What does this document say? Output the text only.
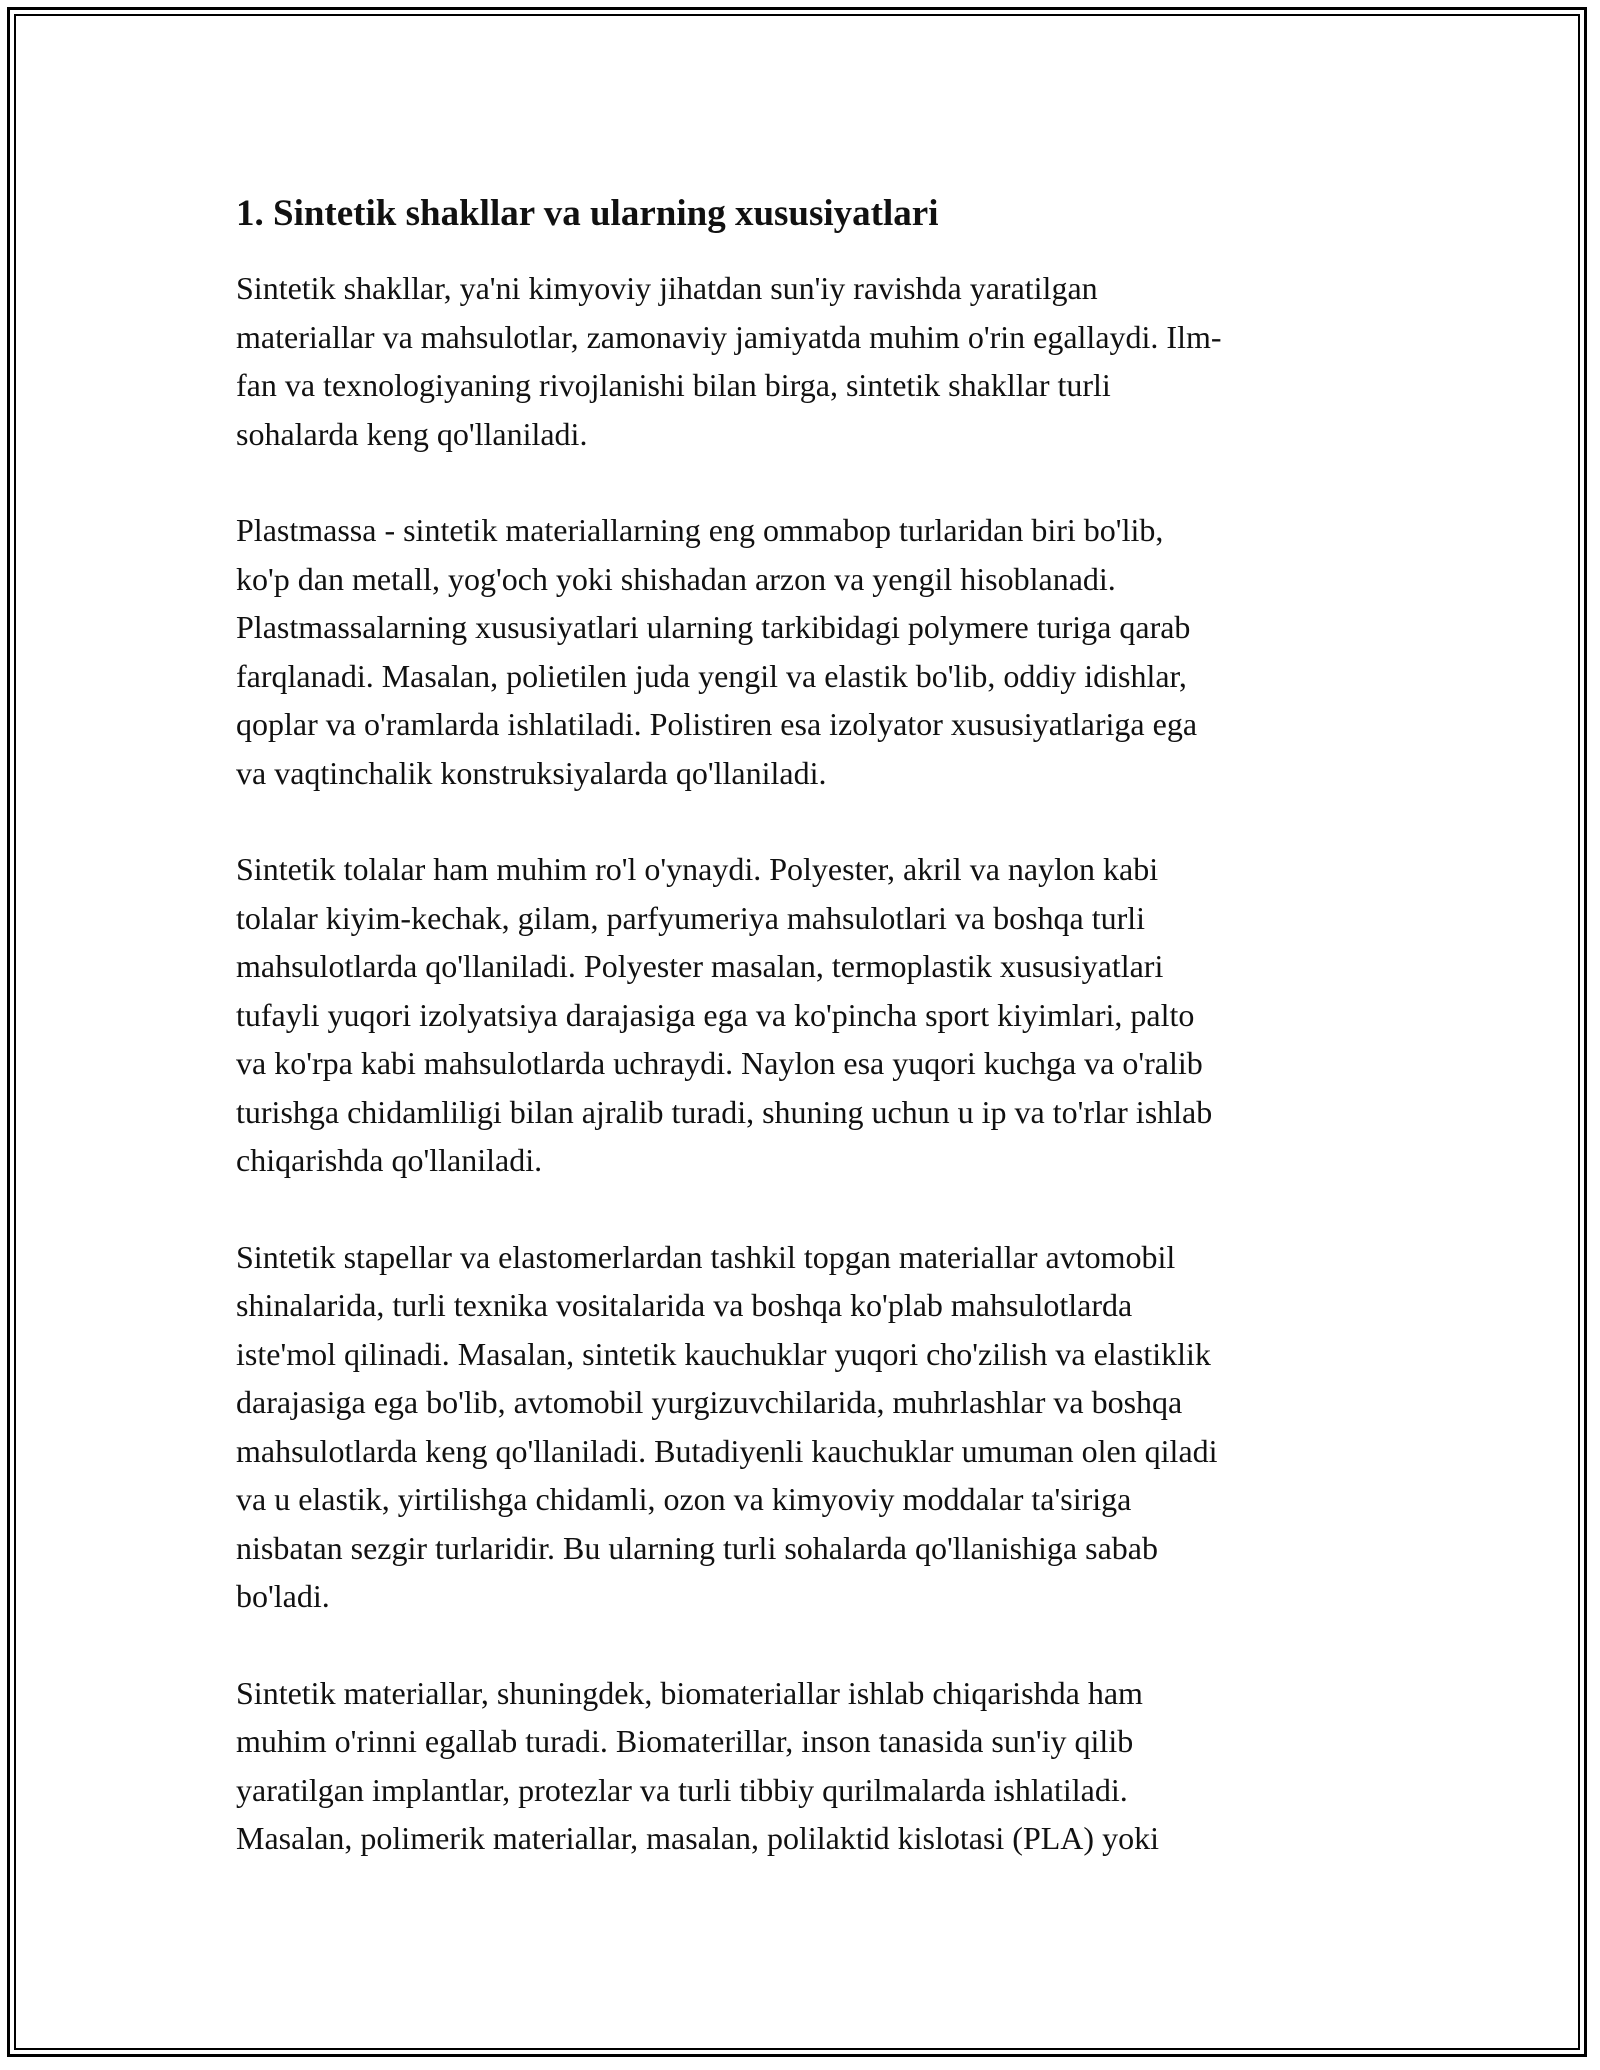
1. Sintetik shakllar va ularning xususiyatlari

Sintetik shakllar, ya'ni kimyoviy jihatdan sun'iy ravishda yaratilgan
materiallar va mahsulotlar, zamonaviy jamiyatda muhim o'rin egallaydi. Ilm-
fan va texnologiyaning rivojlanishi bilan birga, sintetik shakllar turli
sohalarda keng qo'llaniladi.

Plastmassa - sintetik materiallarning eng ommabop turlaridan biri bo'lib,
ko'p dan metall, yog'och yoki shishadan arzon va yengil hisoblanadi.
Plastmassalarning xususiyatlari ularning tarkibidagi polymere turiga qarab
farqlanadi. Masalan, polietilen juda yengil va elastik bo'lib, oddiy idishlar,
qoplar va o'ramlarda ishlatiladi. Polistiren esa izolyator xususiyatlariga ega
va vaqtinchalik konstruksiyalarda qo'llaniladi.

Sintetik tolalar ham muhim ro'l o'ynaydi. Polyester, akril va naylon kabi
tolalar kiyim-kechak, gilam, parfyumeriya mahsulotlari va boshqa turli
mahsulotlarda qo'llaniladi. Polyester masalan, termoplastik xususiyatlari
tufayli yuqori izolyatsiya darajasiga ega va ko'pincha sport kiyimlari, palto
va ko'rpa kabi mahsulotlarda uchraydi. Naylon esa yuqori kuchga va o'ralib
turishga chidamliligi bilan ajralib turadi, shuning uchun u ip va to'rlar ishlab
chiqarishda qo'llaniladi.

Sintetik stapellar va elastomerlardan tashkil topgan materiallar avtomobil
shinalarida, turli texnika vositalarida va boshqa ko'plab mahsulotlarda
iste'mol qilinadi. Masalan, sintetik kauchuklar yuqori cho'zilish va elastiklik
darajasiga ega bo'lib, avtomobil yurgizuvchilarida, muhrlashlar va boshqa
mahsulotlarda keng qo'llaniladi. Butadiyenli kauchuklar umuman olen qiladi
va u elastik, yirtilishga chidamli, ozon va kimyoviy moddalar ta'siriga
nisbatan sezgir turlaridir. Bu ularning turli sohalarda qo'llanishiga sabab
bo'ladi.

Sintetik materiallar, shuningdek, biomateriallar ishlab chiqarishda ham
muhim o'rinni egallab turadi. Biomaterillar, inson tanasida sun'iy qilib
yaratilgan implantlar, protezlar va turli tibbiy qurilmalarda ishlatiladi.
Masalan, polimerik materiallar, masalan, polilaktid kislotasi (PLA) yoki
